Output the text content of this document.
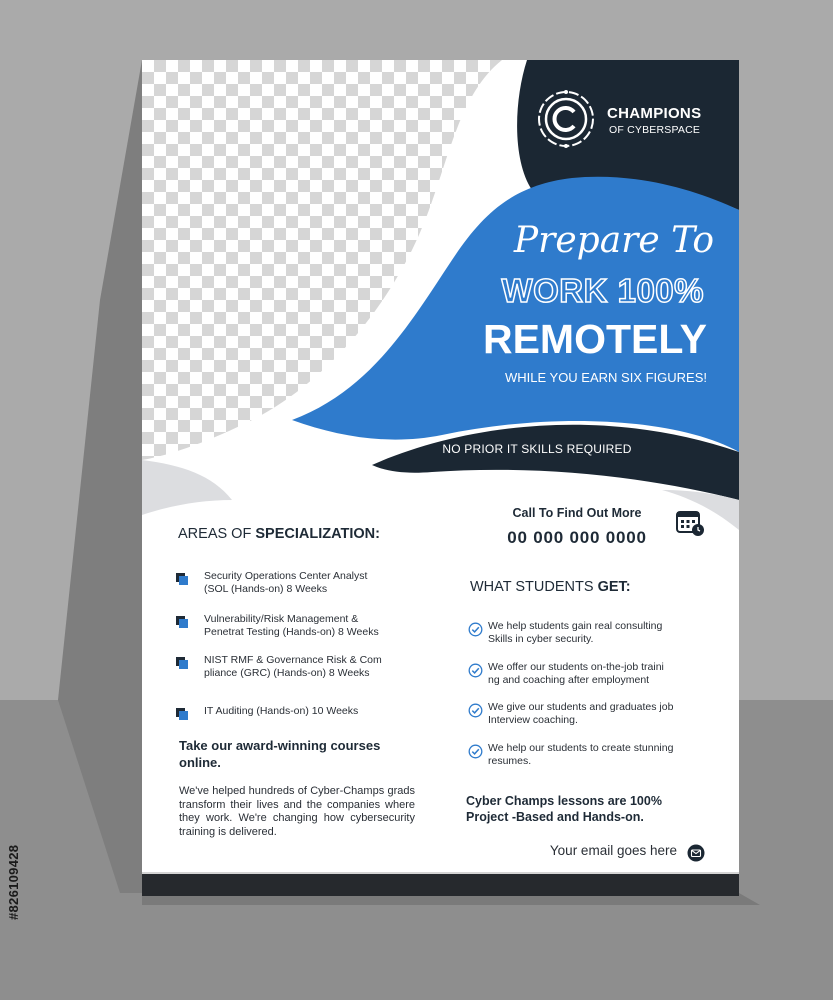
#826109428
CHAMPIONS
OF CYBERSPACE
Prepare To
WORK 100%
REMOTELY
WHILE YOU EARN SIX FIGURES!
NO PRIOR IT SKILLS REQUIRED
AREAS OF SPECIALIZATION:
Security Operations Center Analyst
(SOL (Hands-on) 8 Weeks
Vulnerability/Risk Management &
Penetrat Testing (Hands-on) 8 Weeks
NIST RMF & Governance Risk & Com
pliance (GRC) (Hands-on) 8 Weeks
IT Auditing (Hands-on) 10 Weeks
Take our award-winning courses
online.
We've helped hundreds of Cyber-Champs grads transform their lives and the companies where they work. We're changing how cybersecurity training is delivered.
Call To Find Out More
00 000 000 0000
WHAT STUDENTS GET:
We help students gain real consulting
Skills in cyber security.
We offer our students on-the-job traini
ng and coaching after employment
We give our students and graduates job
Interview coaching.
We help our students to create stunning
resumes.
Cyber Champs lessons are 100%
Project -Based and Hands-on.
Your email goes here
